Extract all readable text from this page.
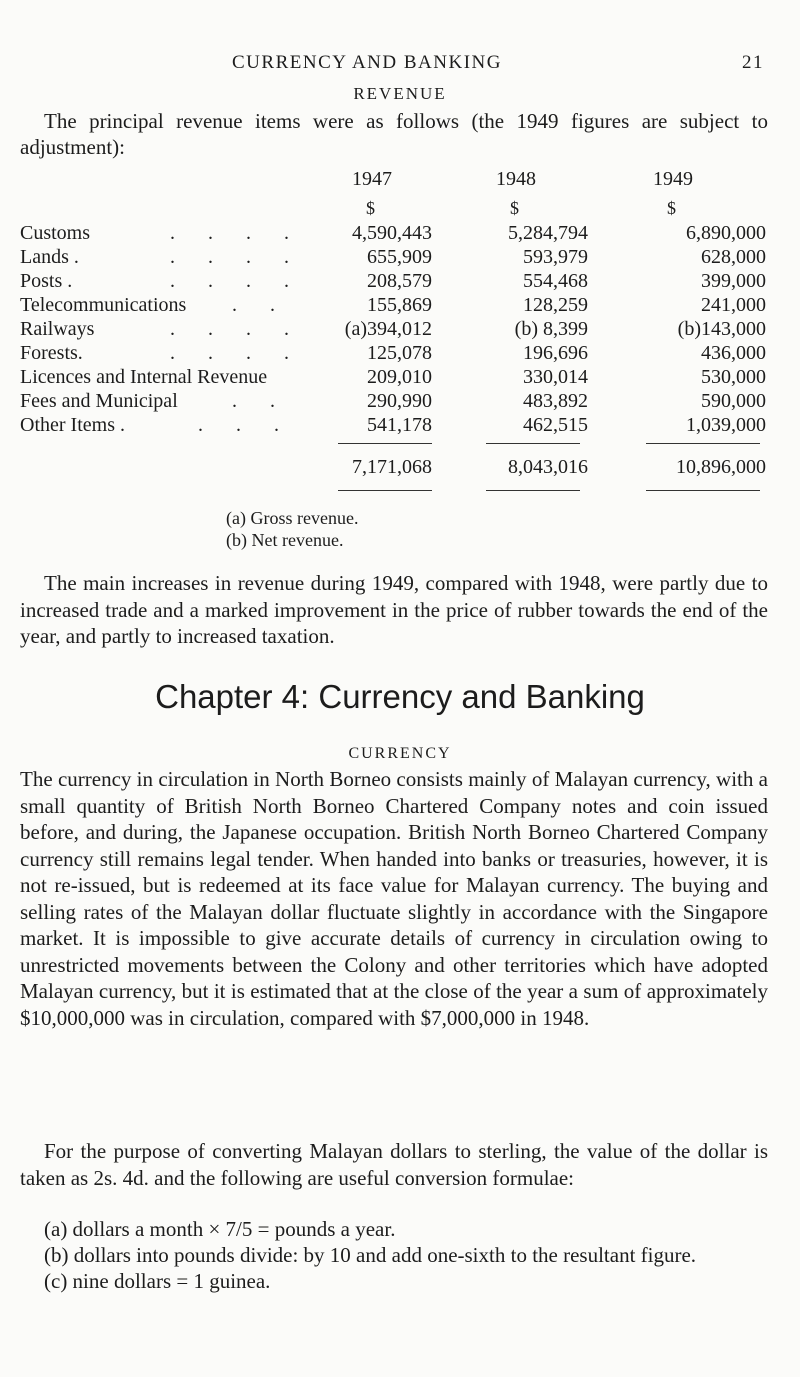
CURRENCY AND BANKING	21
REVENUE
The principal revenue items were as follows (the 1949 figures are subject to adjustment):
1947	1948	1949
$	$	$
Customs	. . . .	4,590,443	5,284,794	6,890,000
Lands .	. . . .	655,909	593,979	628,000
Posts .	. . . .	208,579	554,468	399,000
Telecommunications . .	155,869	128,259	241,000
Railways	. . . .	(a)394,012	(b) 8,399	(b)143,000
Forests.	. . . .	125,078	196,696	436,000
Licences and Internal Revenue	209,010	330,014	530,000
Fees and Municipal	. .	290,990	483,892	590,000
Other Items .	. . .	541,178	462,515	1,039,000
7,171,068	8,043,016	10,896,000
(a) Gross revenue.
(b) Net revenue.
The main increases in revenue during 1949, compared with 1948, were partly due to increased trade and a marked improvement in the price of rubber towards the end of the year, and partly to increased taxation.
Chapter 4: Currency and Banking
CURRENCY
The currency in circulation in North Borneo consists mainly of Malayan currency, with a small quantity of British North Borneo Chartered Company notes and coin issued before, and during, the Japanese occupation. British North Borneo Chartered Company currency still remains legal tender. When handed into banks or treasuries, however, it is not re-issued, but is redeemed at its face value for Malayan currency. The buying and selling rates of the Malayan dollar fluctuate slightly in accordance with the Singapore market. It is impossible to give accurate details of currency in circulation owing to unrestricted movements between the Colony and other territories which have adopted Malayan currency, but it is estimated that at the close of the year a sum of approximately $10,000,000 was in circulation, compared with $7,000,000 in 1948.
For the purpose of converting Malayan dollars to sterling, the value of the dollar is taken as 2s. 4d. and the following are useful conversion formulae:
(a) dollars a month × 7/5 = pounds a year.
(b) dollars into pounds divide: by 10 and add one-sixth to the resultant figure.
(c) nine dollars = 1 guinea.
